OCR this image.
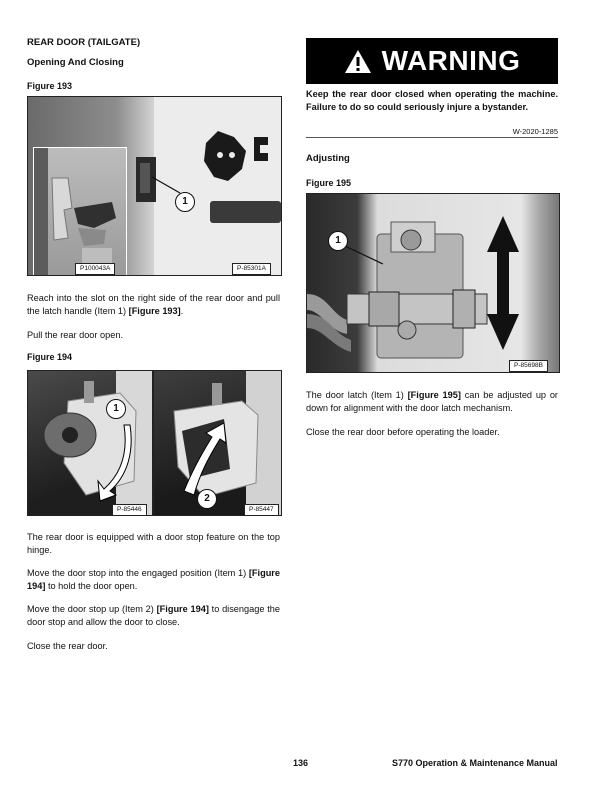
REAR DOOR (TAILGATE)
Opening And Closing
Figure 193
1
P100043A	P-85301A
Reach into the slot on the right side of the rear door and pull the latch handle (Item 1) [Figure 193].
Pull the rear door open.
Figure 194
1
P-85446
2
P-85447
The rear door is equipped with a door stop feature on the top hinge.
Move the door stop into the engaged position (Item 1) [Figure 194] to hold the door open.
Move the door stop up (Item 2) [Figure 194] to disengage the door stop and allow the door to close.
Close the rear door.
WARNING
Keep the rear door closed when operating the machine. Failure to do so could seriously injure a bystander.
W-2020-1285
Adjusting
Figure 195
1
P-85698B
The door latch (Item 1) [Figure 195] can be adjusted up or down for alignment with the door latch mechanism.
Close the rear door before operating the loader.
136	S770 Operation & Maintenance Manual
